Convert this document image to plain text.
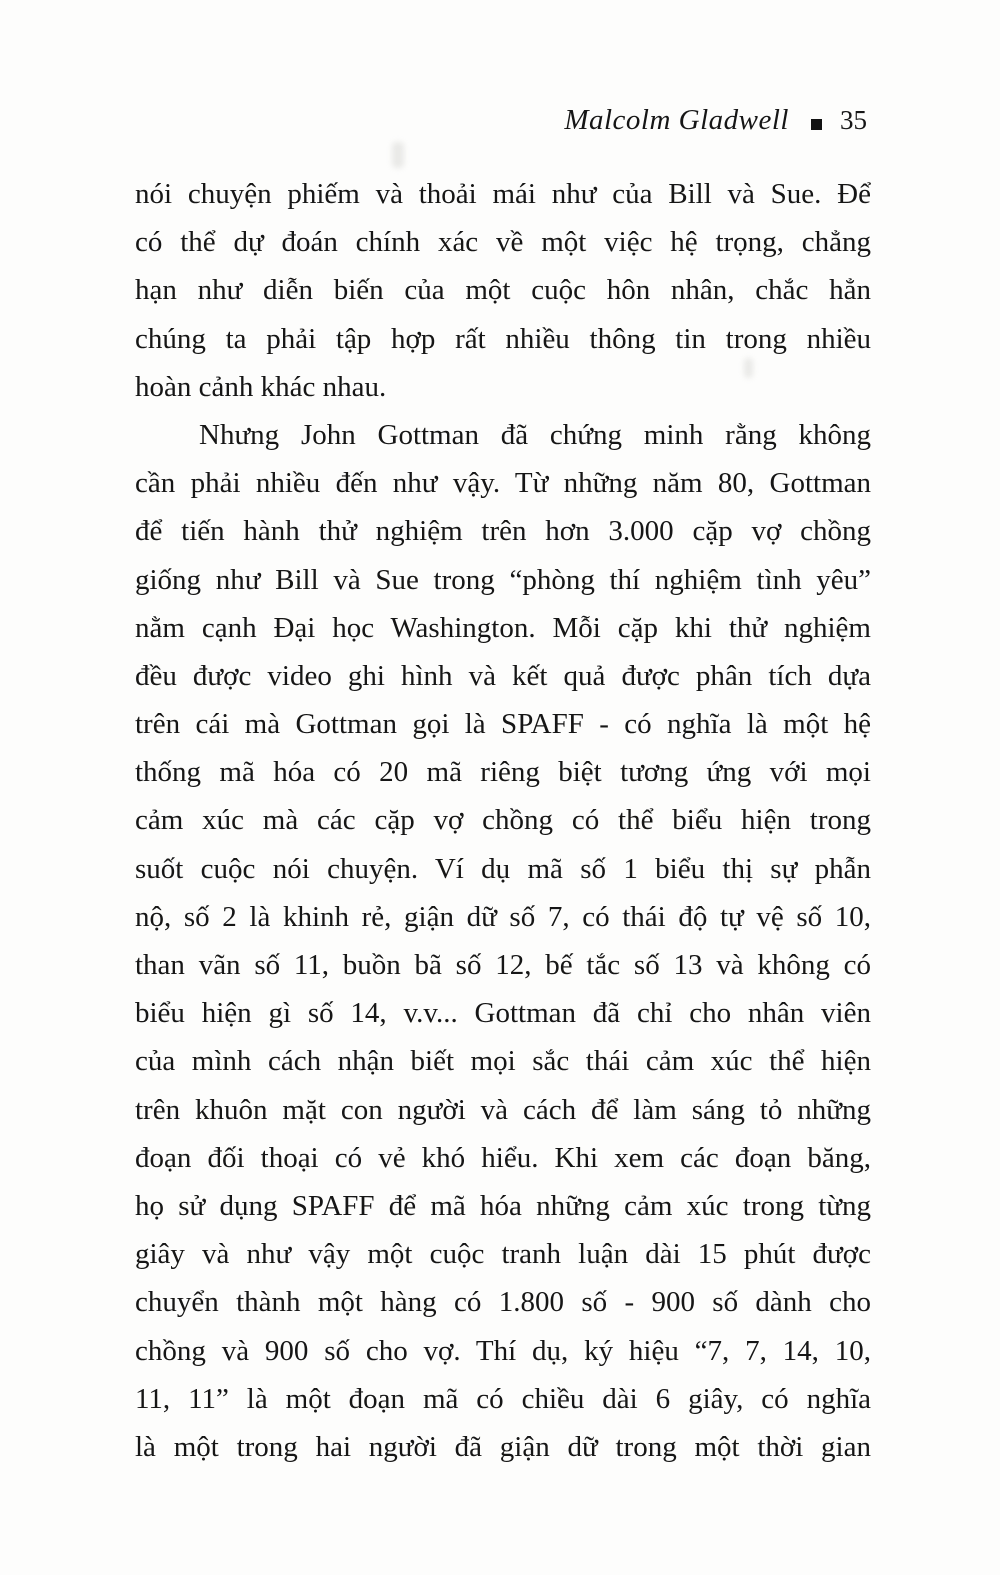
Malcolm Gladwell 35
nói chuyện phiếm và thoải mái như của Bill và Sue. Để
có thể dự đoán chính xác về một việc hệ trọng, chẳng
hạn như diễn biến của một cuộc hôn nhân, chắc hẳn
chúng ta phải tập hợp rất nhiều thông tin trong nhiều
hoàn cảnh khác nhau.
Nhưng John Gottman đã chứng minh rằng không
cần phải nhiều đến như vậy. Từ những năm 80, Gottman
để tiến hành thử nghiệm trên hơn 3.000 cặp vợ chồng
giống như Bill và Sue trong “phòng thí nghiệm tình yêu”
nằm cạnh Đại học Washington. Mỗi cặp khi thử nghiệm
đều được video ghi hình và kết quả được phân tích dựa
trên cái mà Gottman gọi là SPAFF - có nghĩa là một hệ
thống mã hóa có 20 mã riêng biệt tương ứng với mọi
cảm xúc mà các cặp vợ chồng có thể biểu hiện trong
suốt cuộc nói chuyện. Ví dụ mã số 1 biểu thị sự phẫn
nộ, số 2 là khinh rẻ, giận dữ số 7, có thái độ tự vệ số 10,
than vãn số 11, buồn bã số 12, bế tắc số 13 và không có
biểu hiện gì số 14, v.v... Gottman đã chỉ cho nhân viên
của mình cách nhận biết mọi sắc thái cảm xúc thể hiện
trên khuôn mặt con người và cách để làm sáng tỏ những
đoạn đối thoại có vẻ khó hiểu. Khi xem các đoạn băng,
họ sử dụng SPAFF để mã hóa những cảm xúc trong từng
giây và như vậy một cuộc tranh luận dài 15 phút được
chuyển thành một hàng có 1.800 số - 900 số dành cho
chồng và 900 số cho vợ. Thí dụ, ký hiệu “7, 7, 14, 10,
11, 11” là một đoạn mã có chiều dài 6 giây, có nghĩa
là một trong hai người đã giận dữ trong một thời gian
